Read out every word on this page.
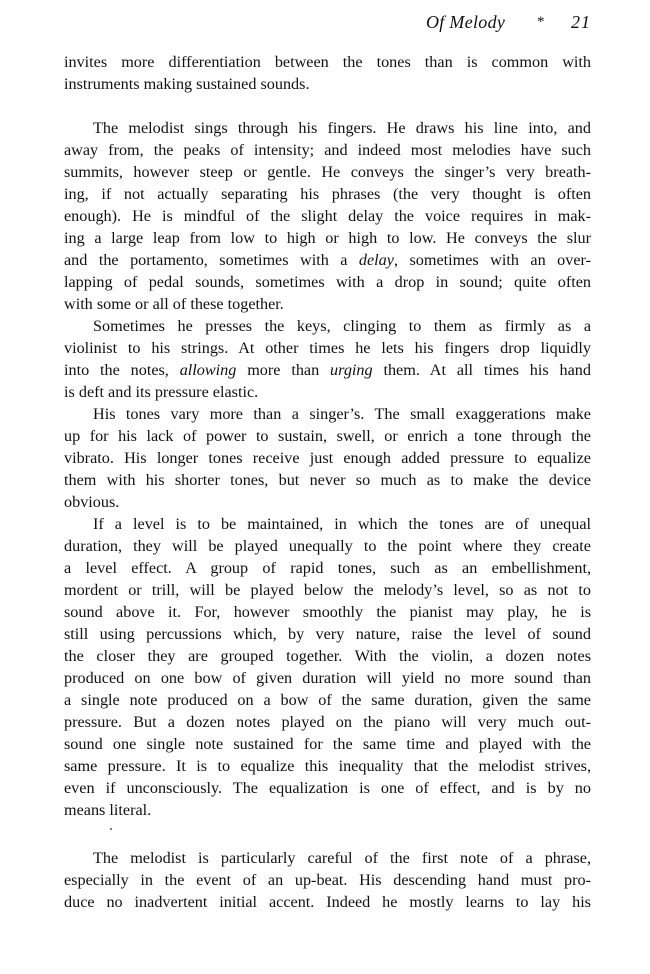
Of Melody * 21
invites more differentiation between the tones than is common with
instruments making sustained sounds.
The melodist sings through his fingers. He draws his line into, and
away from, the peaks of intensity; and indeed most melodies have such
summits, however steep or gentle. He conveys the singer’s very breath-
ing, if not actually separating his phrases (the very thought is often
enough). He is mindful of the slight delay the voice requires in mak-
ing a large leap from low to high or high to low. He conveys the slur
and the portamento, sometimes with a delay, sometimes with an over-
lapping of pedal sounds, sometimes with a drop in sound; quite often
with some or all of these together.
Sometimes he presses the keys, clinging to them as firmly as a
violinist to his strings. At other times he lets his fingers drop liquidly
into the notes, allowing more than urging them. At all times his hand
is deft and its pressure elastic.
His tones vary more than a singer’s. The small exaggerations make
up for his lack of power to sustain, swell, or enrich a tone through the
vibrato. His longer tones receive just enough added pressure to equalize
them with his shorter tones, but never so much as to make the device
obvious.
If a level is to be maintained, in which the tones are of unequal
duration, they will be played unequally to the point where they create
a level effect. A group of rapid tones, such as an embellishment,
mordent or trill, will be played below the melody’s level, so as not to
sound above it. For, however smoothly the pianist may play, he is
still using percussions which, by very nature, raise the level of sound
the closer they are grouped together. With the violin, a dozen notes
produced on one bow of given duration will yield no more sound than
a single note produced on a bow of the same duration, given the same
pressure. But a dozen notes played on the piano will very much out-
sound one single note sustained for the same time and played with the
same pressure. It is to equalize this inequality that the melodist strives,
even if unconsciously. The equalization is one of effect, and is by no
means literal.
The melodist is particularly careful of the first note of a phrase,
especially in the event of an up-beat. His descending hand must pro-
duce no inadvertent initial accent. Indeed he mostly learns to lay his
